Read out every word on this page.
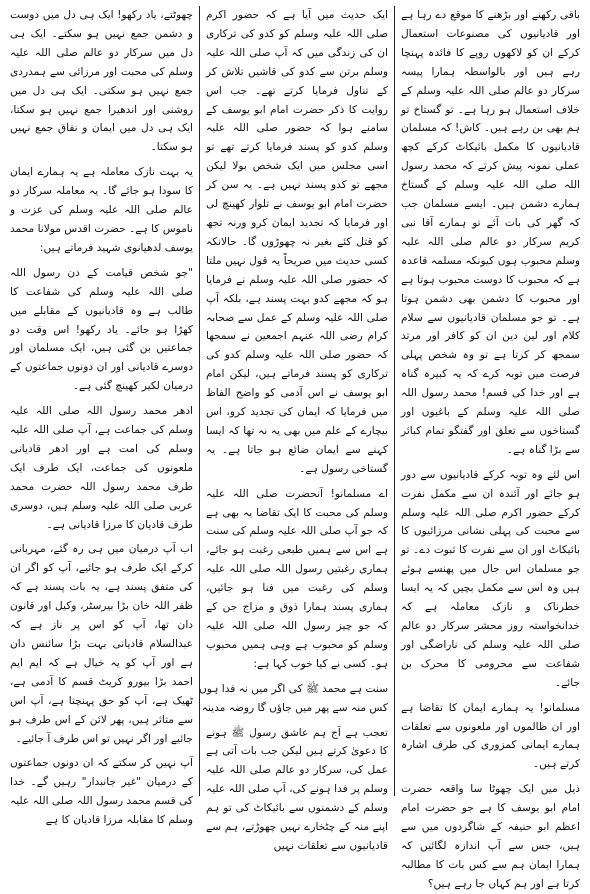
باقی رکھنے اور بڑھنے کا موقع دے رہا ہے اور قادیانیوں کی مصنوعات استعمال کرکے ان کو لاکھوں روپے کا فائدہ پہنچا رہے ہیں اور بالواسطہ ہمارا پیسہ سرکار دو عالم صلی اللہ علیہ وسلم کے خلاف استعمال ہو رہا ہے۔ تو گستاخ تو ہم بھی بن رہے ہیں۔ کاش! کہ مسلمان قادیانیوں کا مکمل بائیکاٹ کرکے کچھ عملی نمونہ پیش کرتے کہ محمد رسول اللہ صلی اللہ علیہ وسلم کے گستاخ ہمارے دشمن ہیں۔ ایسے مسلمان جب کہ گھر کی بات آئے تو ہمارے آقا نبی کریم سرکار دو عالم صلی اللہ علیہ وسلم محبوب ہوں کیونکہ مسلمہ قاعدہ ہے کہ محبوب کا دوست محبوب ہوتا ہے اور محبوب کا دشمن بھی دشمن ہوتا ہے۔ تو جو مسلمان قادیانیوں سے سلام کلام اور لین دین ان کو کافر اور مرتد سمجھ کر کرتا ہے تو وہ شخص پہلی فرصت میں توبہ کرے کہ یہ کبیرہ گناہ ہے اور خدا کی قسم! محمد رسول اللہ صلی اللہ علیہ وسلم کے باغیوں اور گستاخوں سے تعلق اور گفتگو تمام کبائر سے بڑا گناہ ہے۔

اس لئے وہ توبہ کرکے قادیانیوں سے دور ہو جائے اور آئندہ ان سے مکمل نفرت کرکے حضور اکرم صلی اللہ علیہ وسلم سے محبت کی پہلی نشانی مرزائیوں کا بائیکاٹ اور ان سے نفرت کا ثبوت دے۔ تو جو مسلمان اس جال میں پھنسے ہوئے ہیں وہ اس سے مکمل بچیں کہ یہ ایسا خطرناک و نازک معاملہ ہے کہ خدانخواستہ روز محشر سرکار دو عالم صلی اللہ علیہ وسلم کی ناراضگی اور شفاعت سے محرومی کا محرک بن جائے۔

مسلمانو! یہ ہمارے ایمان کا تقاضا ہے اور ان ظالموں اور ملعونوں سے تعلقات ہمارے ایمانی کمزوری کی طرف اشارہ کرتے ہیں۔

ذیل میں ایک چھوٹا سا واقعہ حضرت امام ابو یوسف کا ہے جو حضرت امام اعظم ابو حنیفہ کے شاگردوں میں سے ہیں، جس سے آپ اندازہ لگائیں کہ ہمارا ایمان ہم سے کس بات کا مطالبہ کرتا ہے اور ہم کہاں جا رہے ہیں؟

ایک حدیث میں آیا ہے کہ حضور اکرم صلی اللہ علیہ وسلم کو کدو کی ترکاری ان کی زندگی میں کہ آپ صلی اللہ علیہ وسلم برتن سے کدو کی قاشیں تلاش کر کے تناول فرمایا کرتے تھے۔ جب اس روایت کا ذکر حضرت امام ابو یوسف کے سامنے ہوا کہ حضور صلی اللہ علیہ وسلم کدو کو پسند فرمایا کرتے تھے تو اسی مجلس میں ایک شخص بولا لیکن مجھے تو کدو پسند نہیں ہے۔ یہ سن کر حضرت امام ابو یوسف نے تلوار کھینچ لی اور فرمایا کہ تجدید ایمان کرو ورنہ تجھ کو قتل کئے بغیر نہ چھوڑوں گا۔ حالانکہ کسی حدیث میں صریحاً یہ قول نہیں ملتا کہ حضور صلی اللہ علیہ وسلم نے فرمایا ہو کہ مجھے کدو بہت پسند ہے، بلکہ آپ صلی اللہ علیہ وسلم کے عمل سے صحابہ کرام رضی اللہ عنہم اجمعین نے سمجھا کہ حضور صلی اللہ علیہ وسلم کدو کی ترکاری کو پسند فرماتے ہیں، لیکن امام ابو یوسف نے اس آدمی کو واضح الفاظ میں فرمایا کہ ایمان کی تجدید کرو، اس بیچارے کے علم میں بھی یہ نہ تھا کہ ایسا کہنے سے ایمان ضائع ہو جاتا ہے۔ یہ گستاخی رسول ہے۔

اے مسلمانو! آنحضرت صلی اللہ علیہ وسلم کی محبت کا ایک تقاضا یہ بھی ہے کہ جو آپ صلی اللہ علیہ وسلم کی سنت ہے اس سے ہمیں طبعی رغبت ہو جائے، ہماری رغبتیں رسول اللہ صلی اللہ علیہ وسلم کی رغبت میں فنا ہو جائیں، ہماری پسند ہمارا ذوق و مزاج جن کے کہ جو چیز رسول اللہ صلی اللہ علیہ وسلم کو محبوب ہے وہی ہمیں محبوب ہو۔ کسی نے کیا خوب کہا ہے:

سنت ہے محمد ﷺ کی اگر میں نہ فدا ہوں
کس منہ سے پھر میں جاؤں گا روضہ مدینہ

تعجب ہے آج ہم عاشق رسول ﷺ ہونے کا دعویٰ کرتے ہیں لیکن جب بات آتی ہے عمل کی، سرکار دو عالم صلی اللہ علیہ وسلم پر فدا ہونے کی، آپ صلی اللہ علیہ وسلم کے دشمنوں سے بائیکاٹ کی تو ہم اپنے منہ کے چٹخارے نہیں چھوڑتے، ہم سے قادیانیوں سے تعلقات نہیں

چھوٹتے، یاد رکھو! ایک ہی دل میں دوست و دشمن جمع نہیں ہو سکتے۔ ایک ہی دل میں سرکار دو عالم صلی اللہ علیہ وسلم کی محبت اور مرزائی سے ہمدردی جمع نہیں ہو سکتی۔ ایک ہی دل میں روشنی اور اندھیرا جمع نہیں ہو سکتا، ایک ہی دل میں ایمان و نفاق جمع نہیں ہو سکتا۔

یہ بہت نازک معاملہ ہے یہ ہمارے ایمان کا سودا ہو جائے گا۔ یہ معاملہ سرکار دو عالم صلی اللہ علیہ وسلم کی عزت و ناموس کا ہے۔ حضرت اقدس مولانا محمد یوسف لدھیانوی شہید فرماتے ہیں:

"جو شخص قیامت کے دن رسول اللہ صلی اللہ علیہ وسلم کی شفاعت کا طالب ہے وہ قادیانیوں کے مقابلے میں کھڑا ہو جائے۔ یاد رکھو! اس وقت دو جماعتیں بن گئی ہیں، ایک مسلمان اور دوسرے قادیانی اور ان دونوں جماعتوں کے درمیان لکیر کھینچ گئی ہے۔

ادھر محمد رسول اللہ صلی اللہ علیہ وسلم کی جماعت ہے، آپ صلی اللہ علیہ وسلم کی امت ہے اور ادھر قادیانی ملعونوں کی جماعت، ایک طرف ایک طرف محمد رسول اللہ حضرت محمد عربی صلی اللہ علیہ وسلم ہیں، دوسری طرف قادیان کا مرزا قادیانی ہے۔

اب آپ درمیان میں ہی رہ گئے، مہربانی کرکے ایک طرف ہو جائیے، آپ کو اگر ان کی متفق پسند ہے، یہ بات پسند ہے کہ ظفر اللہ خان بڑا بیرسٹر، وکیل اور قانون دان تھا، آپ کو اس پر ناز ہے کہ عبدالسلام قادیانی بہت بڑا سائنس دان ہے اور آپ کو یہ خیال ہے کہ ایم ایم احمد بڑا بیورو کریٹ قسم کا آدمی ہے، ٹھیک ہے، آپ کو حق پہنچتا ہے، آپ اس سے متاثر ہیں، پھر لائن کے اس طرف ہو جائیے اور اگر نہیں تو اس طرف آ جائیے۔

آپ نہیں کر سکتے کہ ان دونوں جماعتوں کے درمیان "غیر جانبدار" رہیں گے۔ خدا کی قسم محمد رسول اللہ صلی اللہ علیہ وسلم کا مقابلہ مرزا قادیان کا ہے
